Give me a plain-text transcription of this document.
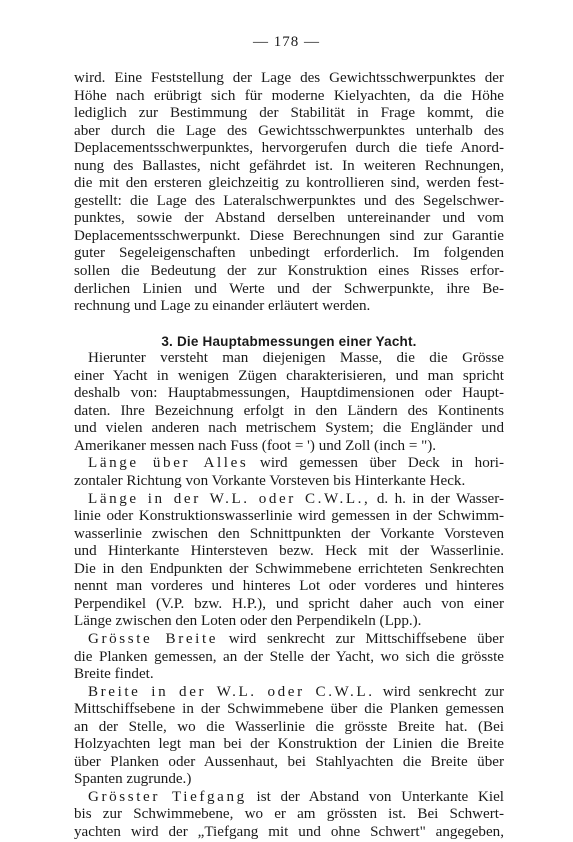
— 178 —
wird. Eine Feststellung der Lage des Gewichtsschwerpunktes der
Höhe nach erübrigt sich für moderne Kielyachten, da die Höhe
lediglich zur Bestimmung der Stabilität in Frage kommt, die
aber durch die Lage des Gewichtsschwerpunktes unterhalb des
Deplacementsschwerpunktes, hervorgerufen durch die tiefe Anord-
nung des Ballastes, nicht gefährdet ist. In weiteren Rechnungen,
die mit den ersteren gleichzeitig zu kontrollieren sind, werden fest-
gestellt: die Lage des Lateralschwerpunktes und des Segelschwer-
punktes, sowie der Abstand derselben untereinander und vom
Deplacementsschwerpunkt. Diese Berechnungen sind zur Garantie
guter Segeleigenschaften unbedingt erforderlich. Im folgenden
sollen die Bedeutung der zur Konstruktion eines Risses erfor-
derlichen Linien und Werte und der Schwerpunkte, ihre Be-
rechnung und Lage zu einander erläutert werden.
3. Die Hauptabmessungen einer Yacht.
Hierunter versteht man diejenigen Masse, die die Grösse
einer Yacht in wenigen Zügen charakterisieren, und man spricht
deshalb von: Hauptabmessungen, Hauptdimensionen oder Haupt-
daten. Ihre Bezeichnung erfolgt in den Ländern des Kontinents
und vielen anderen nach metrischem System; die Engländer und
Amerikaner messen nach Fuss (foot = ') und Zoll (inch = ").
Länge über Alles wird gemessen über Deck in hori-
zontaler Richtung von Vorkante Vorsteven bis Hinterkante Heck.
Länge in der W.L. oder C.W.L., d. h. in der Wasser-
linie oder Konstruktionswasserlinie wird gemessen in der Schwimm-
wasserlinie zwischen den Schnittpunkten der Vorkante Vorsteven
und Hinterkante Hintersteven bezw. Heck mit der Wasserlinie.
Die in den Endpunkten der Schwimmebene errichteten Senkrechten
nennt man vorderes und hinteres Lot oder vorderes und hinteres
Perpendikel (V.P. bzw. H.P.), und spricht daher auch von einer
Länge zwischen den Loten oder den Perpendikeln (Lpp.).
Grösste Breite wird senkrecht zur Mittschiffsebene über
die Planken gemessen, an der Stelle der Yacht, wo sich die grösste
Breite findet.
Breite in der W.L. oder C.W.L. wird senkrecht zur
Mittschiffsebene in der Schwimmebene über die Planken gemessen
an der Stelle, wo die Wasserlinie die grösste Breite hat. (Bei
Holzyachten legt man bei der Konstruktion der Linien die Breite
über Planken oder Aussenhaut, bei Stahlyachten die Breite über
Spanten zugrunde.)
Grösster Tiefgang ist der Abstand von Unterkante Kiel
bis zur Schwimmebene, wo er am grössten ist. Bei Schwert-
yachten wird der „Tiefgang mit und ohne Schwert" angegeben,
